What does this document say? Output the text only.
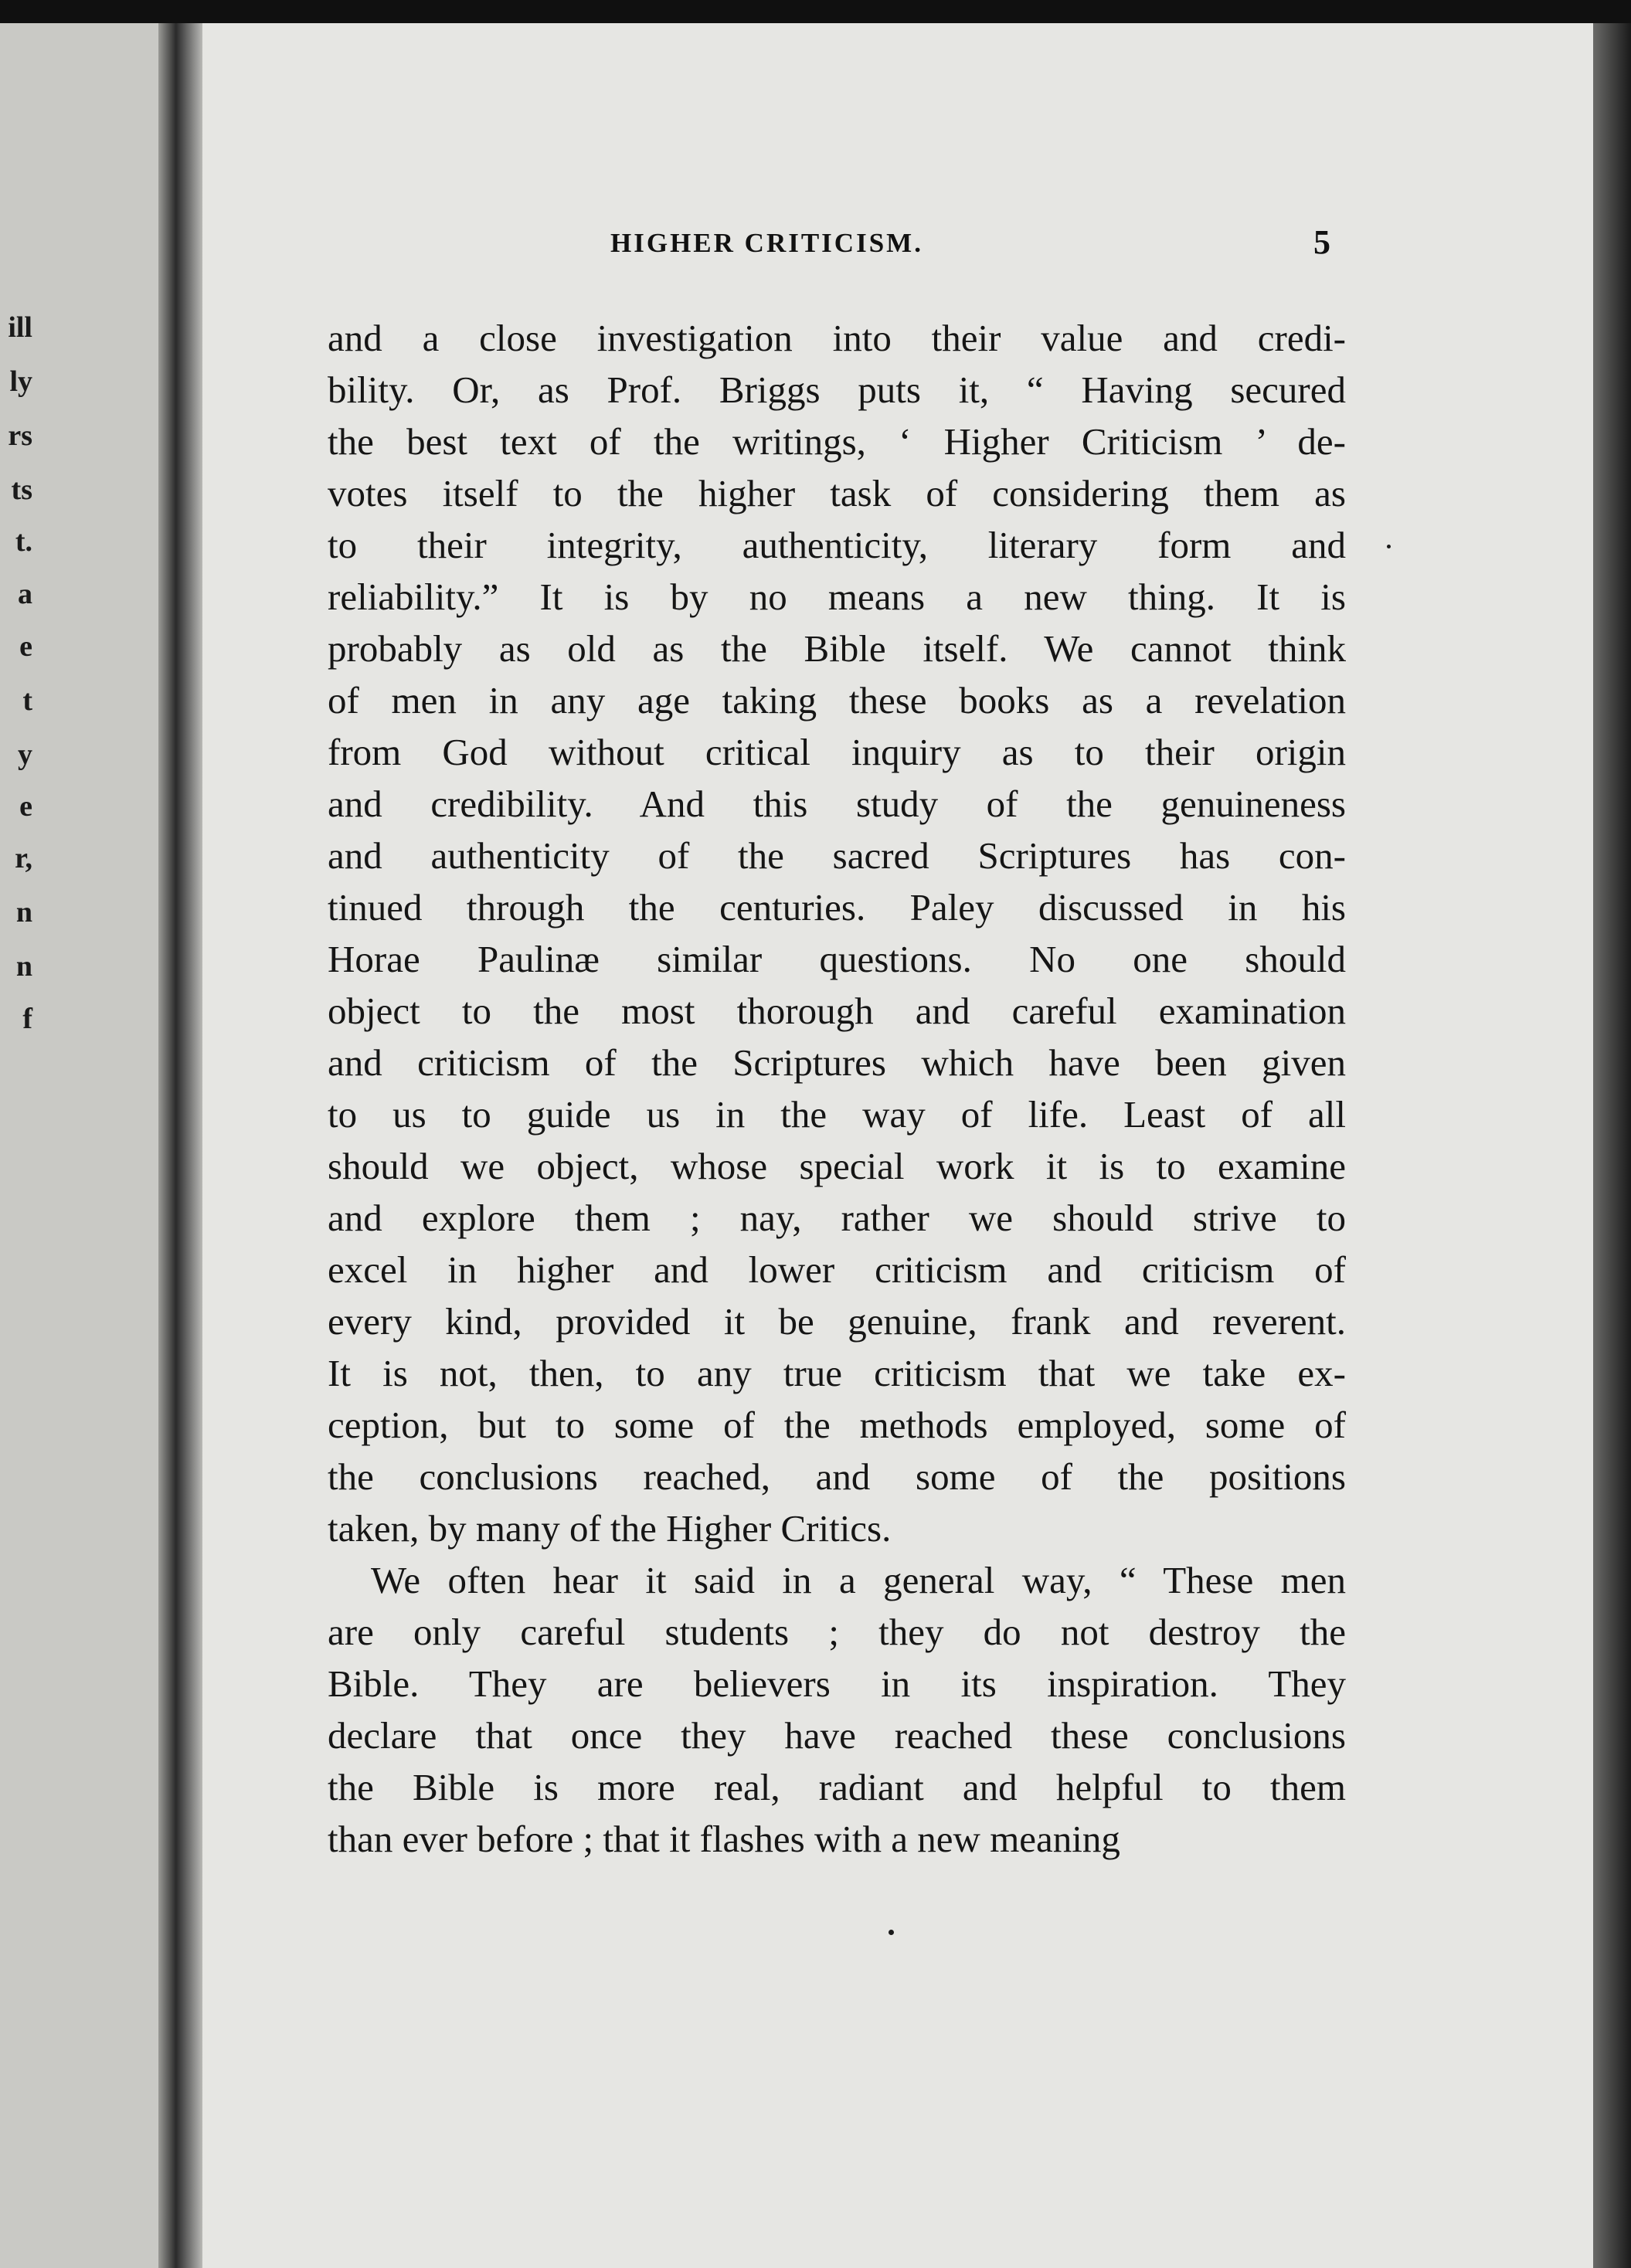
ill
ly
rs
ts
t.
a
e
t
y
e
r,
n
n
f
HIGHER CRITICISM.	5
and a close investigation into their value and credi-
bility. Or, as Prof. Briggs puts it, “ Having secured
the best text of the writings, ‘ Higher Criticism ’ de-
votes itself to the higher task of considering them as
to their integrity, authenticity, literary form and
reliability.” It is by no means a new thing. It is
probably as old as the Bible itself. We cannot think
of men in any age taking these books as a revelation
from God without critical inquiry as to their origin
and credibility. And this study of the genuineness
and authenticity of the sacred Scriptures has con-
tinued through the centuries. Paley discussed in his
Horae Paulinæ similar questions. No one should
object to the most thorough and careful examination
and criticism of the Scriptures which have been given
to us to guide us in the way of life. Least of all
should we object, whose special work it is to examine
and explore them ; nay, rather we should strive to
excel in higher and lower criticism and criticism of
every kind, provided it be genuine, frank and reverent.
It is not, then, to any true criticism that we take ex-
ception, but to some of the methods employed, some of
the conclusions reached, and some of the positions
taken, by many of the Higher Critics.
We often hear it said in a general way, “ These men
are only careful students ; they do not destroy the
Bible. They are believers in its inspiration. They
declare that once they have reached these conclusions
the Bible is more real, radiant and helpful to them
than ever before ; that it flashes with a new meaning
